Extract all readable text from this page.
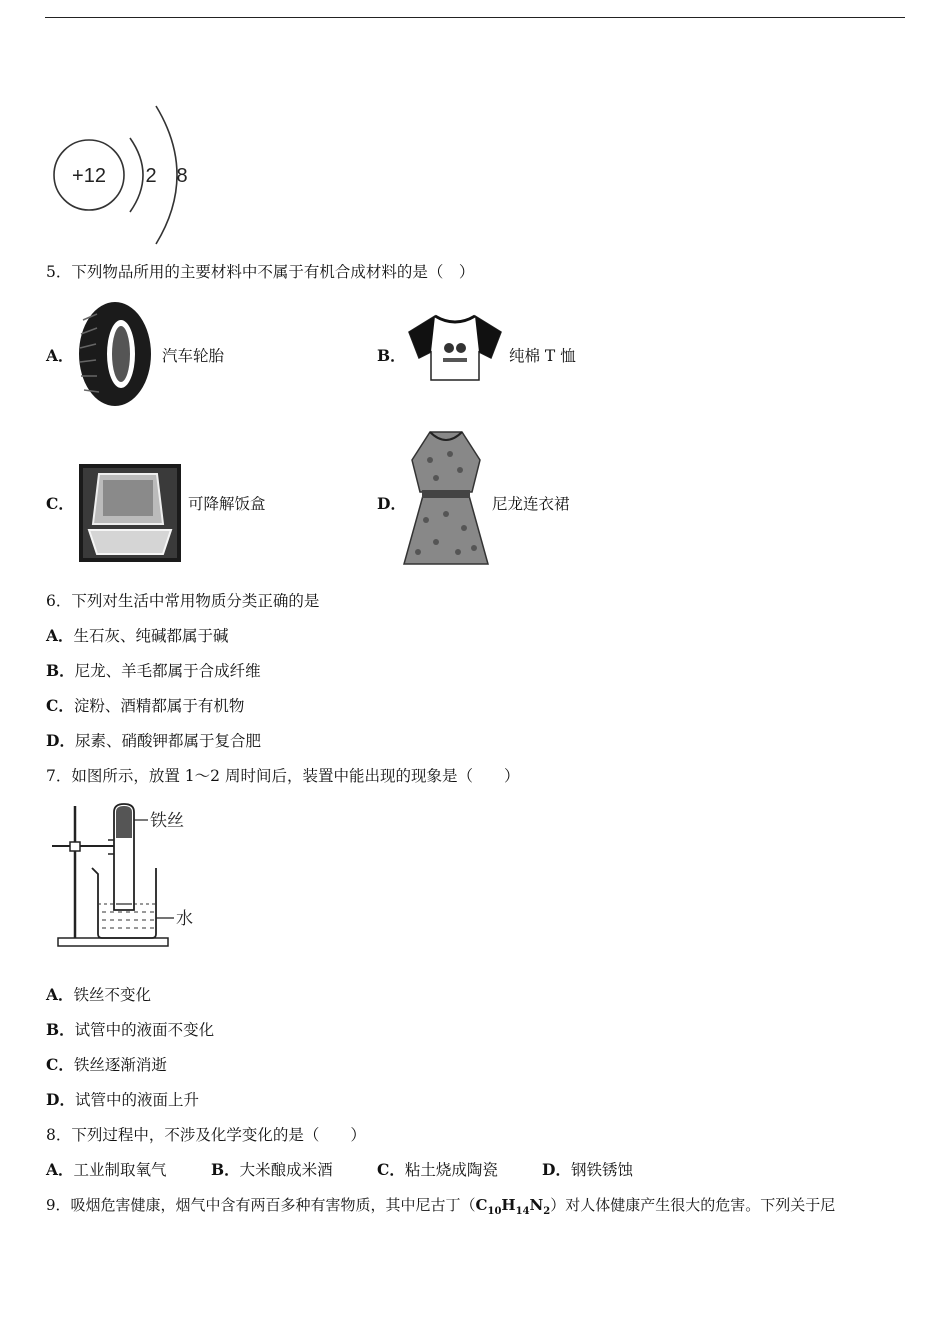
+12 2 8
5．下列物品所用的主要材料中不属于有机合成材料的是（　）
A．	汽车轮胎	B．	纯棉 T 恤
C．	可降解饭盒	D．	尼龙连衣裙
6．下列对生活中常用物质分类正确的是
A．生石灰、纯碱都属于碱
B．尼龙、羊毛都属于合成纤维
C．淀粉、酒精都属于有机物
D．尿素、硝酸钾都属于复合肥
7．如图所示，放置 1～2 周时间后，装置中能出现的现象是（　　）
铁丝
水
A．铁丝不变化
B．试管中的液面不变化
C．铁丝逐渐消逝
D．试管中的液面上升
8．下列过程中，不涉及化学变化的是（　　）
A．工业制取氧气	B．大米酿成米酒	C．粘土烧成陶瓷	D．钢铁锈蚀
9．吸烟危害健康，烟气中含有两百多种有害物质，其中尼古丁$(C_{10}H_{14}N_2)$对人体健康产生很大的危害。下列关于尼
